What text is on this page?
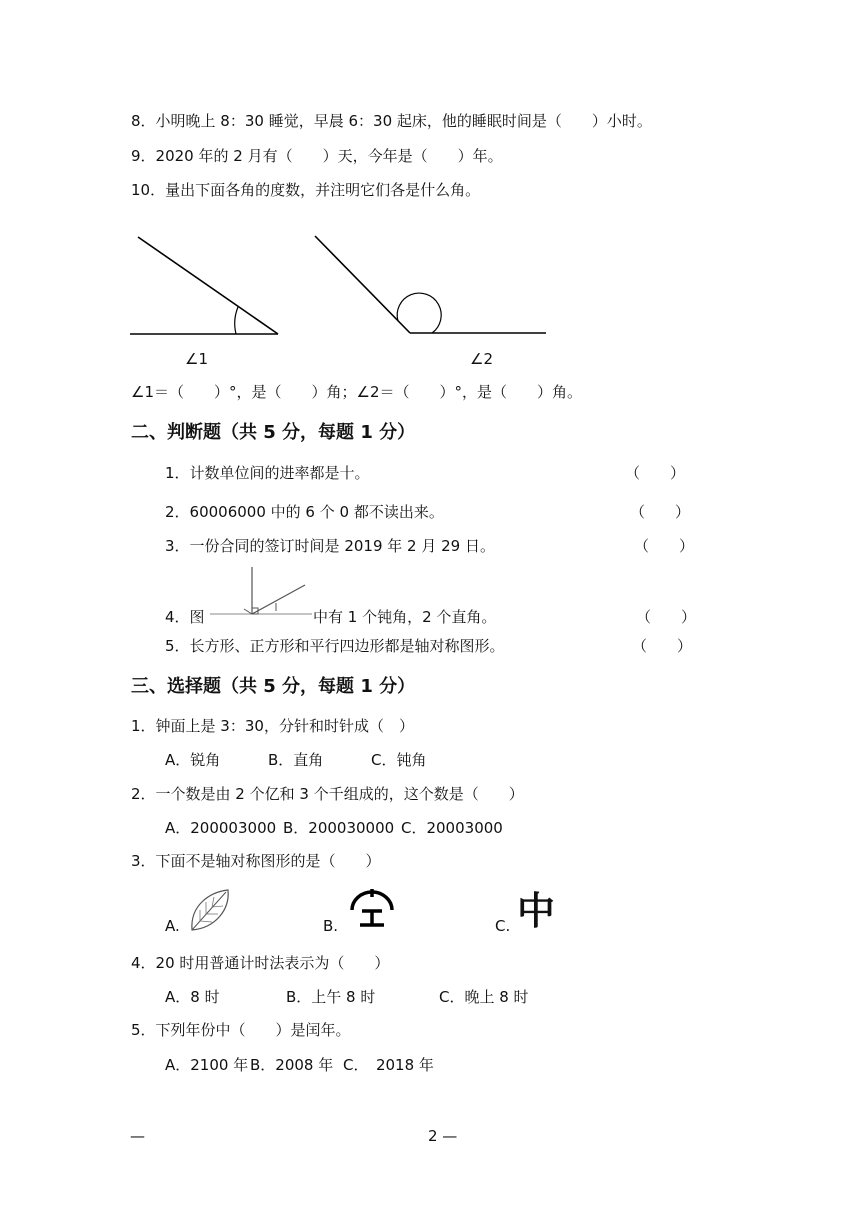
8．小明晚上 8：30 睡觉，早晨 6：30 起床，他的睡眠时间是（　　）小时。
9．2020 年的 2 月有（　　）天，今年是（　　）年。
10．量出下面各角的度数，并注明它们各是什么角。
∠1	∠2
∠1＝（　　）°，是（　　）角；∠2＝（　　）°，是（　　）角。
二、判断题（共 5 分，每题 1 分）
1．计数单位间的进率都是十。	（　　）
2．60006000 中的 6 个 0 都不读出来。	（　　）
3．一份合同的签订时间是 2019 年 2 月 29 日。	（　　）
4．图	中有 1 个钝角，2 个直角。	（　　）
5．长方形、正方形和平行四边形都是轴对称图形。	（　　）
三、选择题（共 5 分，每题 1 分）
1．钟面上是 3：30，分针和时针成（　）
A．锐角	B．直角	C．钝角
2．一个数是由 2 个亿和 3 个千组成的，这个数是（　　）
A．200003000 B．200030000 C．20003000
3．下面不是轴对称图形的是（　　）
A.	B.	C. 中
4．20 时用普通计时法表示为（　　）
A．8 时	B．上午 8 时	C．晚上 8 时
5．下列年份中（　　）是闰年。
A．2100 年 B．2008 年 C．　2018 年
—	2 —
